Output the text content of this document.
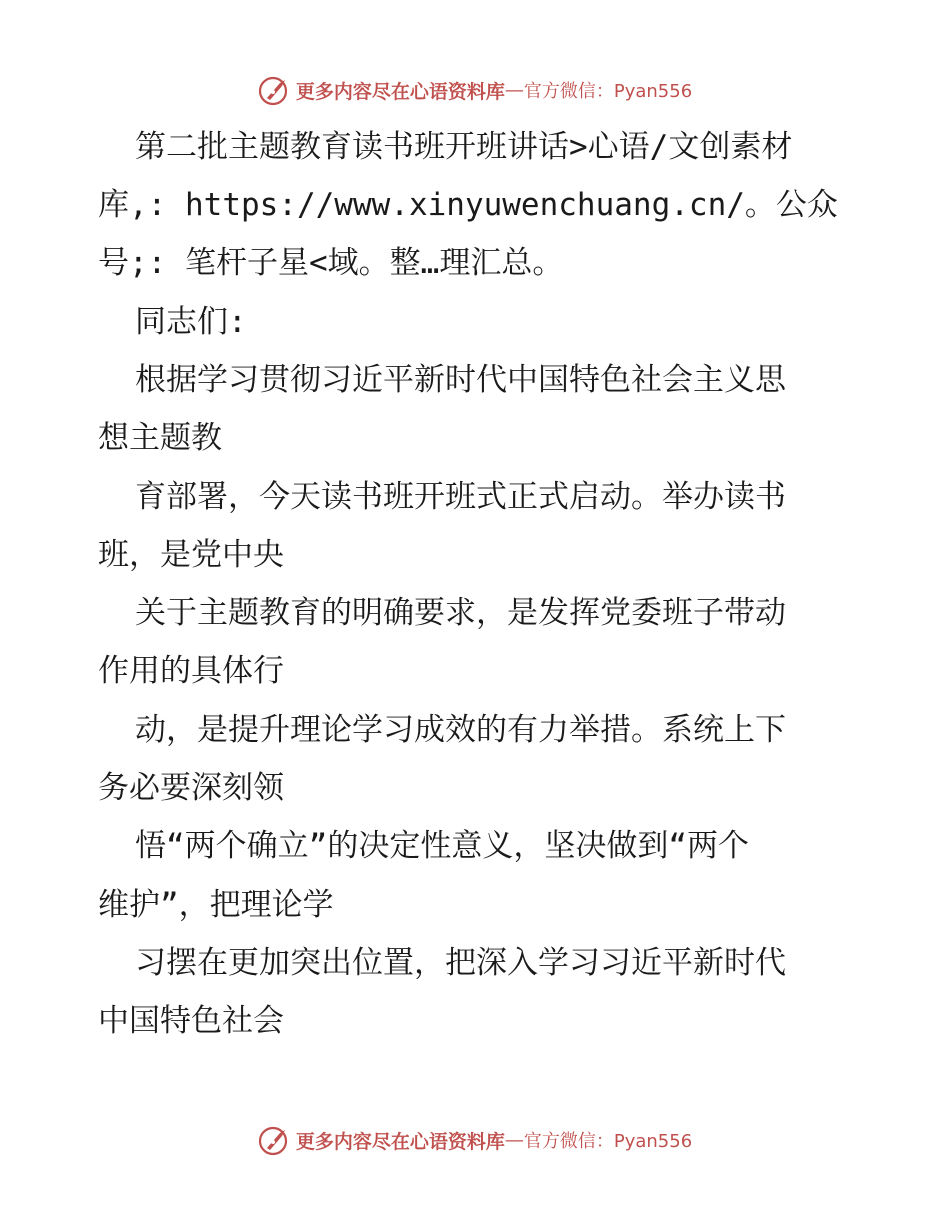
更多内容尽在心语资料库 — 官方微信：Pyan556
第二批主题教育读书班开班讲话>心语/文创素材
库,: https://www.xinyuwenchuang.cn/。公众
号;: 笔杆子星<域。整…理汇总。
同志们:
根据学习贯彻习近平新时代中国特色社会主义思
想主题教
育部署，今天读书班开班式正式启动。举办读书
班，是党中央
关于主题教育的明确要求，是发挥党委班子带动
作用的具体行
动，是提升理论学习成效的有力举措。系统上下
务必要深刻领
悟“两个确立”的决定性意义，坚决做到“两个
维护”，把理论学
习摆在更加突出位置，把深入学习习近平新时代
中国特色社会
更多内容尽在心语资料库 — 官方微信：Pyan556
